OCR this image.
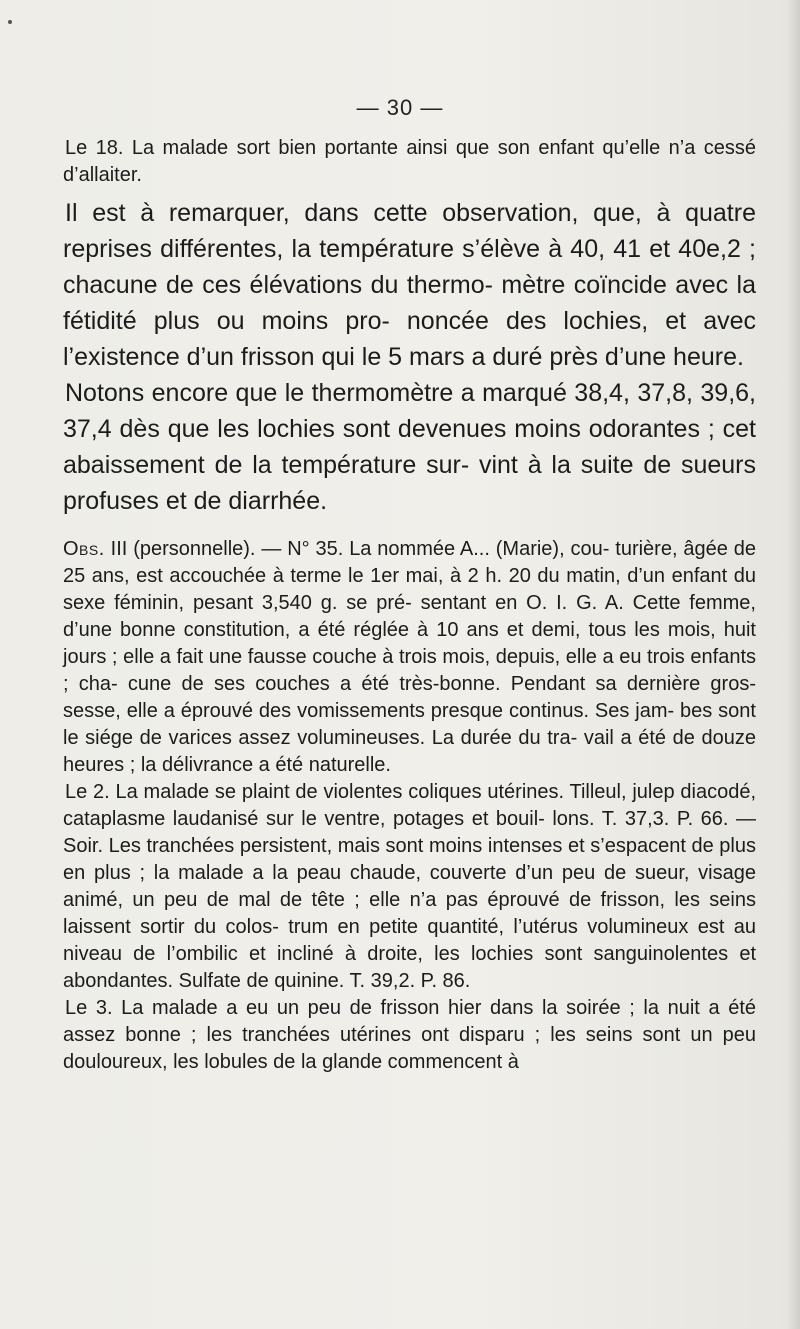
— 30 —

Le 18. La malade sort bien portante ainsi que son enfant qu’elle n’a cessé d’allaiter.

Il est à remarquer, dans cette observation, que, à quatre reprises différentes, la température s’élève à 40, 41 et 40e,2 ; chacune de ces élévations du thermo- mètre coïncide avec la fétidité plus ou moins pro- noncée des lochies, et avec l’existence d’un frisson qui le 5 mars a duré près d’une heure.

Notons encore que le thermomètre a marqué 38,4, 37,8, 39,6, 37,4 dès que les lochies sont devenues moins odorantes ; cet abaissement de la température sur- vint à la suite de sueurs profuses et de diarrhée.

Obs. III (personnelle). — N° 35. La nommée A... (Marie), cou- turière, âgée de 25 ans, est accouchée à terme le 1er mai, à 2 h. 20 du matin, d’un enfant du sexe féminin, pesant 3,540 g. se pré- sentant en O. I. G. A. Cette femme, d’une bonne constitution, a été réglée à 10 ans et demi, tous les mois, huit jours ; elle a fait une fausse couche à trois mois, depuis, elle a eu trois enfants ; cha- cune de ses couches a été très-bonne. Pendant sa dernière gros- sesse, elle a éprouvé des vomissements presque continus. Ses jam- bes sont le siége de varices assez volumineuses. La durée du tra- vail a été de douze heures ; la délivrance a été naturelle.

Le 2. La malade se plaint de violentes coliques utérines. Tilleul, julep diacodé, cataplasme laudanisé sur le ventre, potages et bouil- lons. T. 37,3. P. 66. — Soir. Les tranchées persistent, mais sont moins intenses et s’espacent de plus en plus ; la malade a la peau chaude, couverte d’un peu de sueur, visage animé, un peu de mal de tête ; elle n’a pas éprouvé de frisson, les seins laissent sortir du colos- trum en petite quantité, l’utérus volumineux est au niveau de l’ombilic et incliné à droite, les lochies sont sanguinolentes et abondantes. Sulfate de quinine. T. 39,2. P. 86.

Le 3. La malade a eu un peu de frisson hier dans la soirée ; la nuit a été assez bonne ; les tranchées utérines ont disparu ; les seins sont un peu douloureux, les lobules de la glande commencent à
